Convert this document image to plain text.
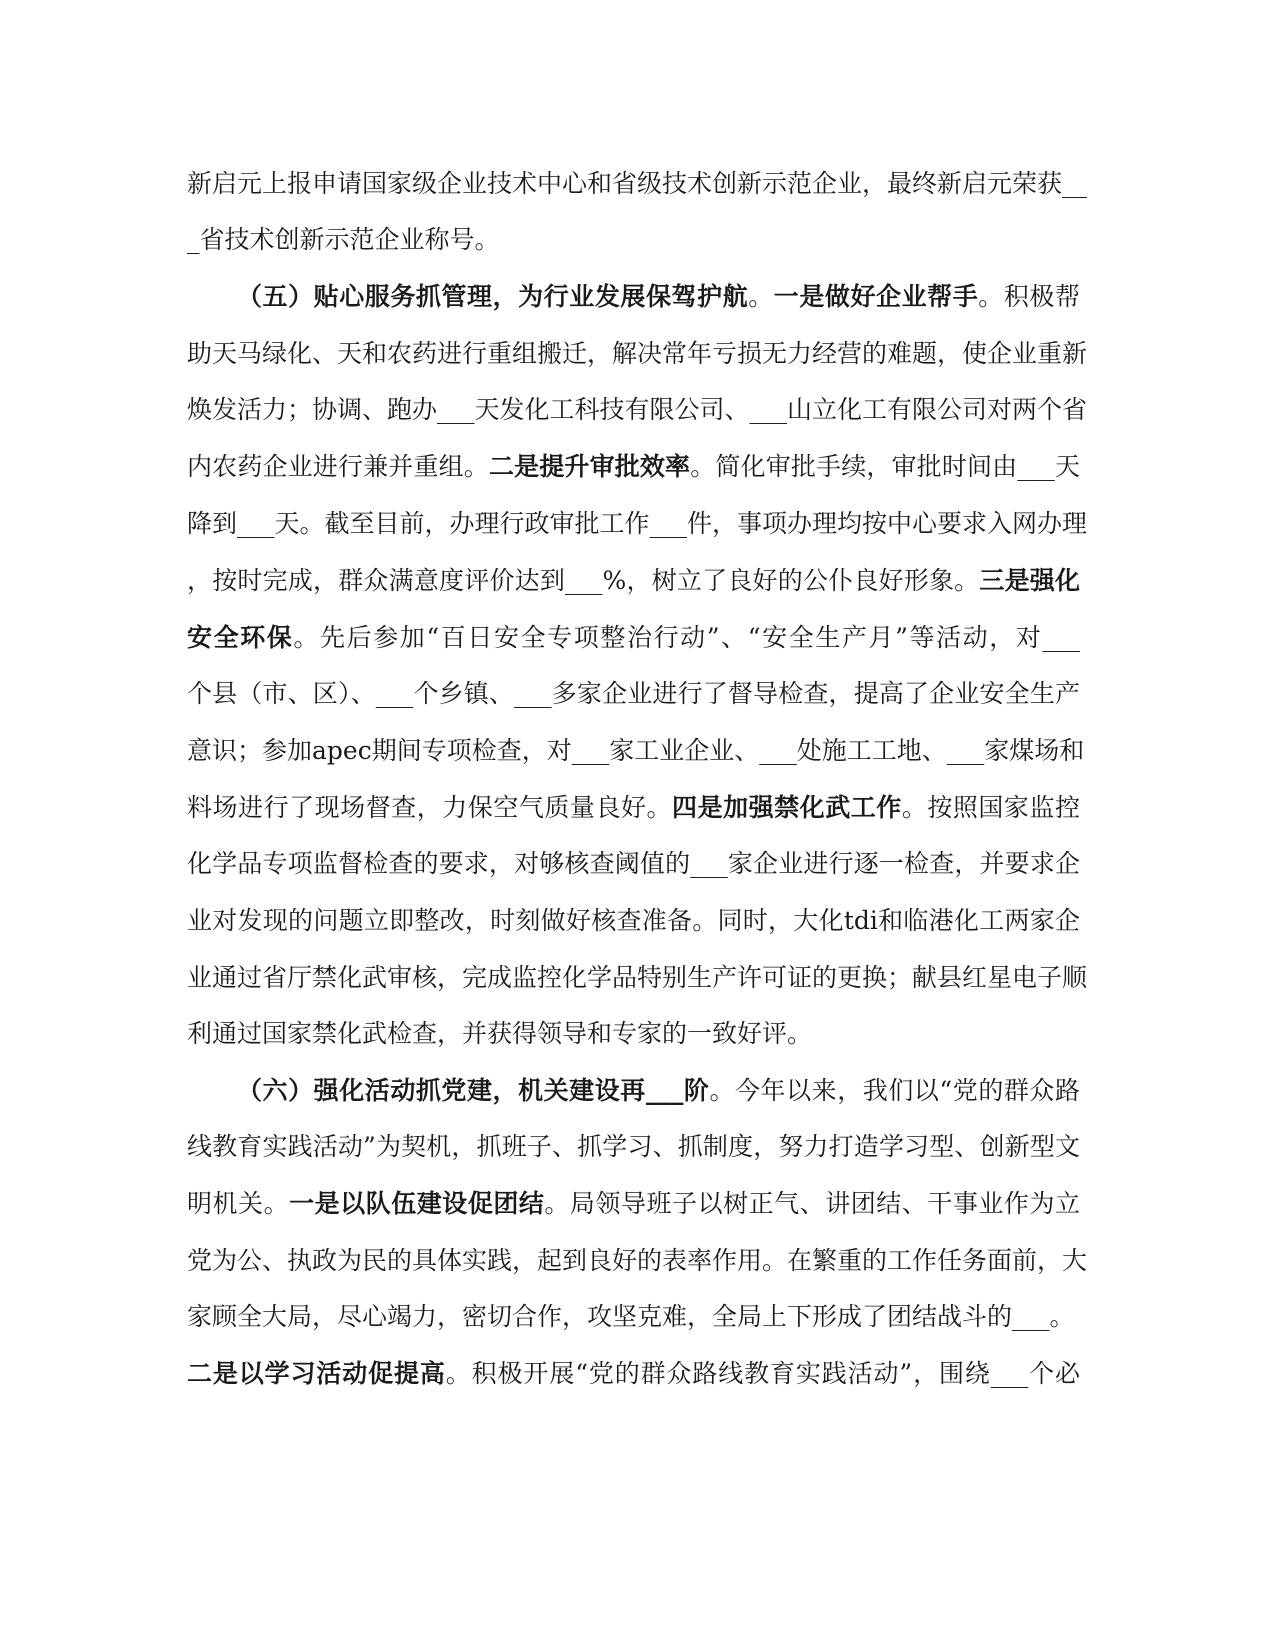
新启元上报申请国家级企业技术中心和省级技术创新示范企业，最终新启元荣获__
_省技术创新示范企业称号。
（五）贴心服务抓管理，为行业发展保驾护航。一是做好企业帮手。积极帮
助天马绿化、天和农药进行重组搬迁，解决常年亏损无力经营的难题，使企业重新
焕发活力；协调、跑办___天发化工科技有限公司、___山立化工有限公司对两个省
内农药企业进行兼并重组。二是提升审批效率。简化审批手续，审批时间由___天
降到___天。截至目前，办理行政审批工作___件，事项办理均按中心要求入网办理
，按时完成，群众满意度评价达到___%，树立了良好的公仆良好形象。三是强化
安全环保。先后参加“百日安全专项整治行动”、“安全生产月”等活动，对___
个县（市、区）、___个乡镇、___多家企业进行了督导检查，提高了企业安全生产
意识；参加apec期间专项检查，对___家工业企业、___处施工工地、___家煤场和
料场进行了现场督查，力保空气质量良好。四是加强禁化武工作。按照国家监控
化学品专项监督检查的要求，对够核查阈值的___家企业进行逐一检查，并要求企
业对发现的问题立即整改，时刻做好核查准备。同时，大化tdi和临港化工两家企
业通过省厅禁化武审核，完成监控化学品特别生产许可证的更换；献县红星电子顺
利通过国家禁化武检查，并获得领导和专家的一致好评。
（六）强化活动抓党建，机关建设再___阶。今年以来，我们以“党的群众路
线教育实践活动”为契机，抓班子、抓学习、抓制度，努力打造学习型、创新型文
明机关。一是以队伍建设促团结。局领导班子以树正气、讲团结、干事业作为立
党为公、执政为民的具体实践，起到良好的表率作用。在繁重的工作任务面前，大
家顾全大局，尽心竭力，密切合作，攻坚克难，全局上下形成了团结战斗的___。
二是以学习活动促提高。积极开展“党的群众路线教育实践活动”，围绕___个必
